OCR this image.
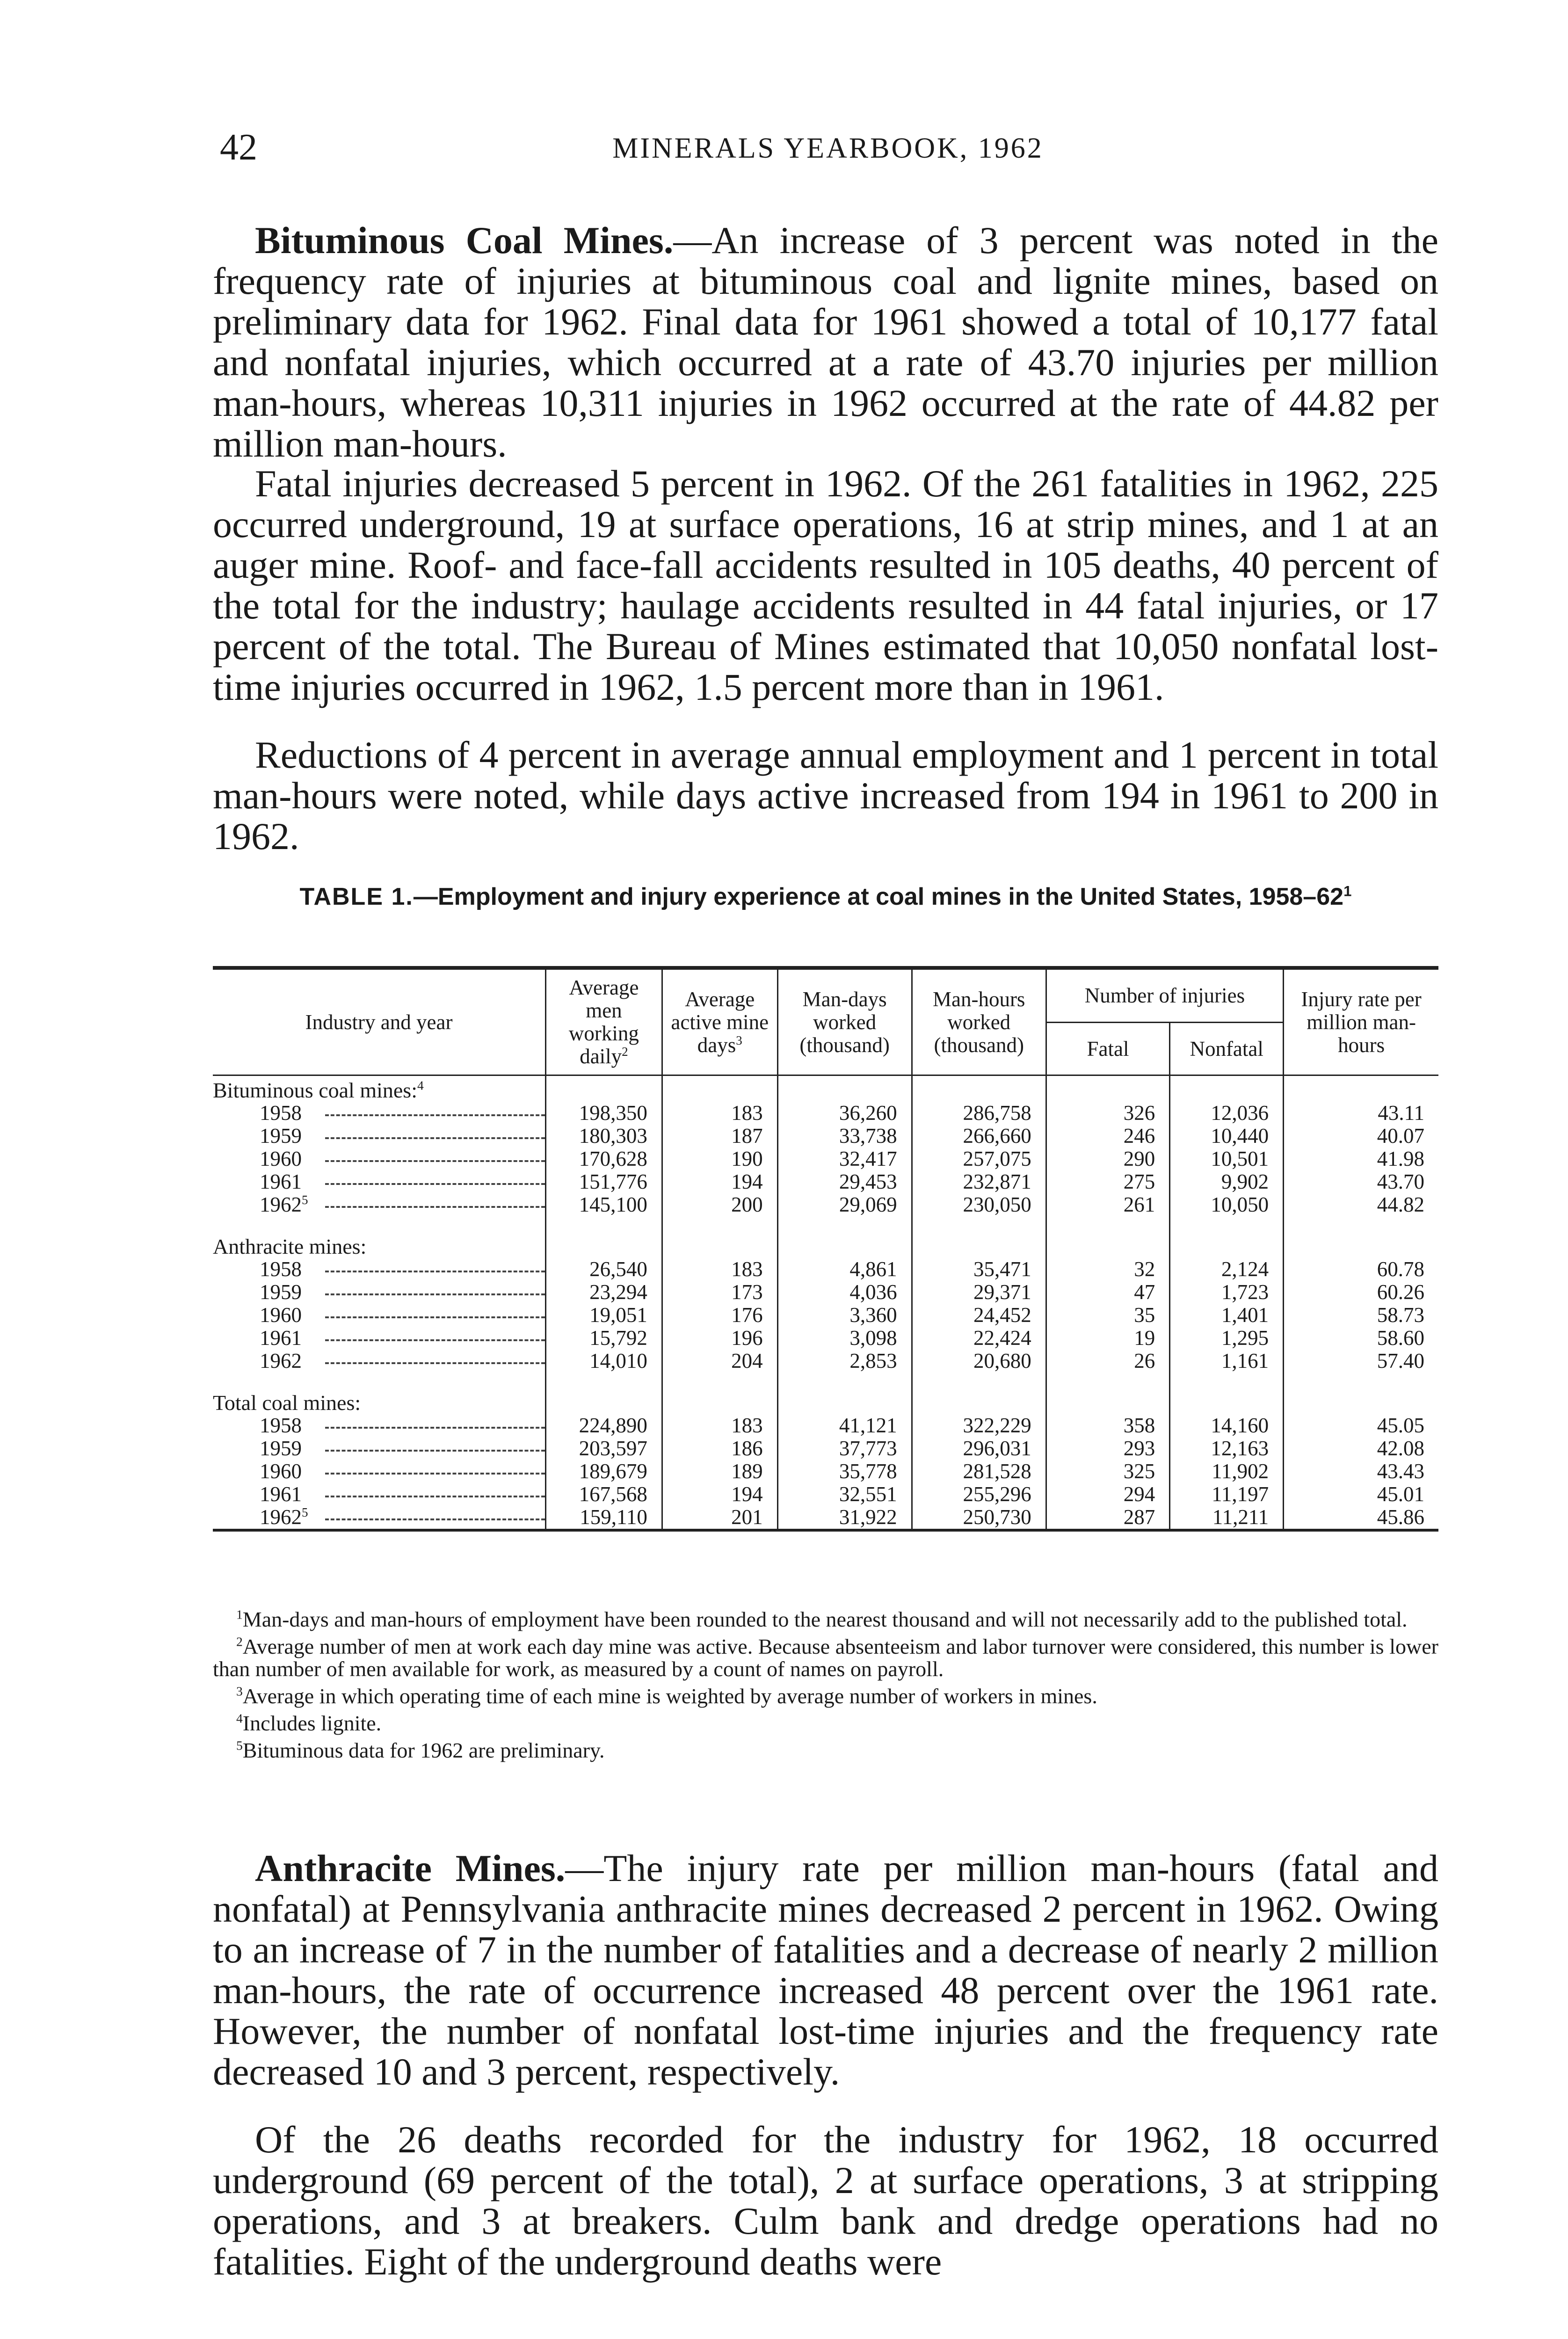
42	MINERALS YEARBOOK, 1962

Bituminous Coal Mines.—An increase of 3 percent was noted in the frequency rate of injuries at bituminous coal and lignite mines, based on preliminary data for 1962. Final data for 1961 showed a total of 10,177 fatal and nonfatal injuries, which occurred at a rate of 43.70 injuries per million man-hours, whereas 10,311 injuries in 1962 occurred at the rate of 44.82 per million man-hours.

Fatal injuries decreased 5 percent in 1962. Of the 261 fatalities in 1962, 225 occurred underground, 19 at surface operations, 16 at strip mines, and 1 at an auger mine. Roof- and face-fall accidents resulted in 105 deaths, 40 percent of the total for the industry; haulage accidents resulted in 44 fatal injuries, or 17 percent of the total. The Bureau of Mines estimated that 10,050 nonfatal lost-time injuries occurred in 1962, 1.5 percent more than in 1961.

Reductions of 4 percent in average annual employment and 1 percent in total man-hours were noted, while days active increased from 194 in 1961 to 200 in 1962.

TABLE 1.—Employment and injury experience at coal mines in the United States, $1958-62^1$
Industry and year	Average men working daily$^2$	Average active mine days$^3$	Man-days worked (thousand)	Man-hours worked (thousand)	Number of injuries		Injury rate per million man-hours
					Fatal	Nonfatal	
Bituminous coal mines:$^4$							
1958	198,350	183	36,260	286,758	326	12,036	43.11
1959	180,303	187	33,738	266,660	246	10,440	40.07
1960	170,628	190	32,417	257,075	290	10,501	41.98
1961	151,776	194	29,453	232,871	275	9,902	43.70
1962$^5$	145,100	200	29,069	230,050	261	10,050	44.82

Anthracite mines:							
1958	26,540	183	4,861	35,471	32	2,124	60.78
1959	23,294	173	4,036	29,371	47	1,723	60.26
1960	19,051	176	3,360	24,452	35	1,401	58.73
1961	15,792	196	3,098	22,424	19	1,295	58.60
1962	14,010	204	2,853	20,680	26	1,161	57.40

Total coal mines:							
1958	224,890	183	41,121	322,229	358	14,160	45.05
1959	203,597	186	37,773	296,031	293	12,163	42.08
1960	189,679	189	35,778	281,528	325	11,902	43.43
1961	167,568	194	32,551	255,296	294	11,197	45.01
1962$^5$	159,110	201	31,922	250,730	287	11,211	45.86
$^1$Man-days and man-hours of employment have been rounded to the nearest thousand and will not necessarily add to the published total.
$^2$Average number of men at work each day mine was active. Because absenteeism and labor turnover were considered, this number is lower than number of men available for work, as measured by a count of names on payroll.
$^3$Average in which operating time of each mine is weighted by average number of workers in mines.
$^4$Includes lignite.
$^5$Bituminous data for 1962 are preliminary.

Anthracite Mines.—The injury rate per million man-hours (fatal and nonfatal) at Pennsylvania anthracite mines decreased 2 percent in 1962. Owing to an increase of 7 in the number of fatalities and a decrease of nearly 2 million man-hours, the rate of occurrence increased 48 percent over the 1961 rate. However, the number of nonfatal lost-time injuries and the frequency rate decreased 10 and 3 percent, respectively.

Of the 26 deaths recorded for the industry for 1962, 18 occurred underground (69 percent of the total), 2 at surface operations, 3 at stripping operations, and 3 at breakers. Culm bank and dredge operations had no fatalities. Eight of the underground deaths were
